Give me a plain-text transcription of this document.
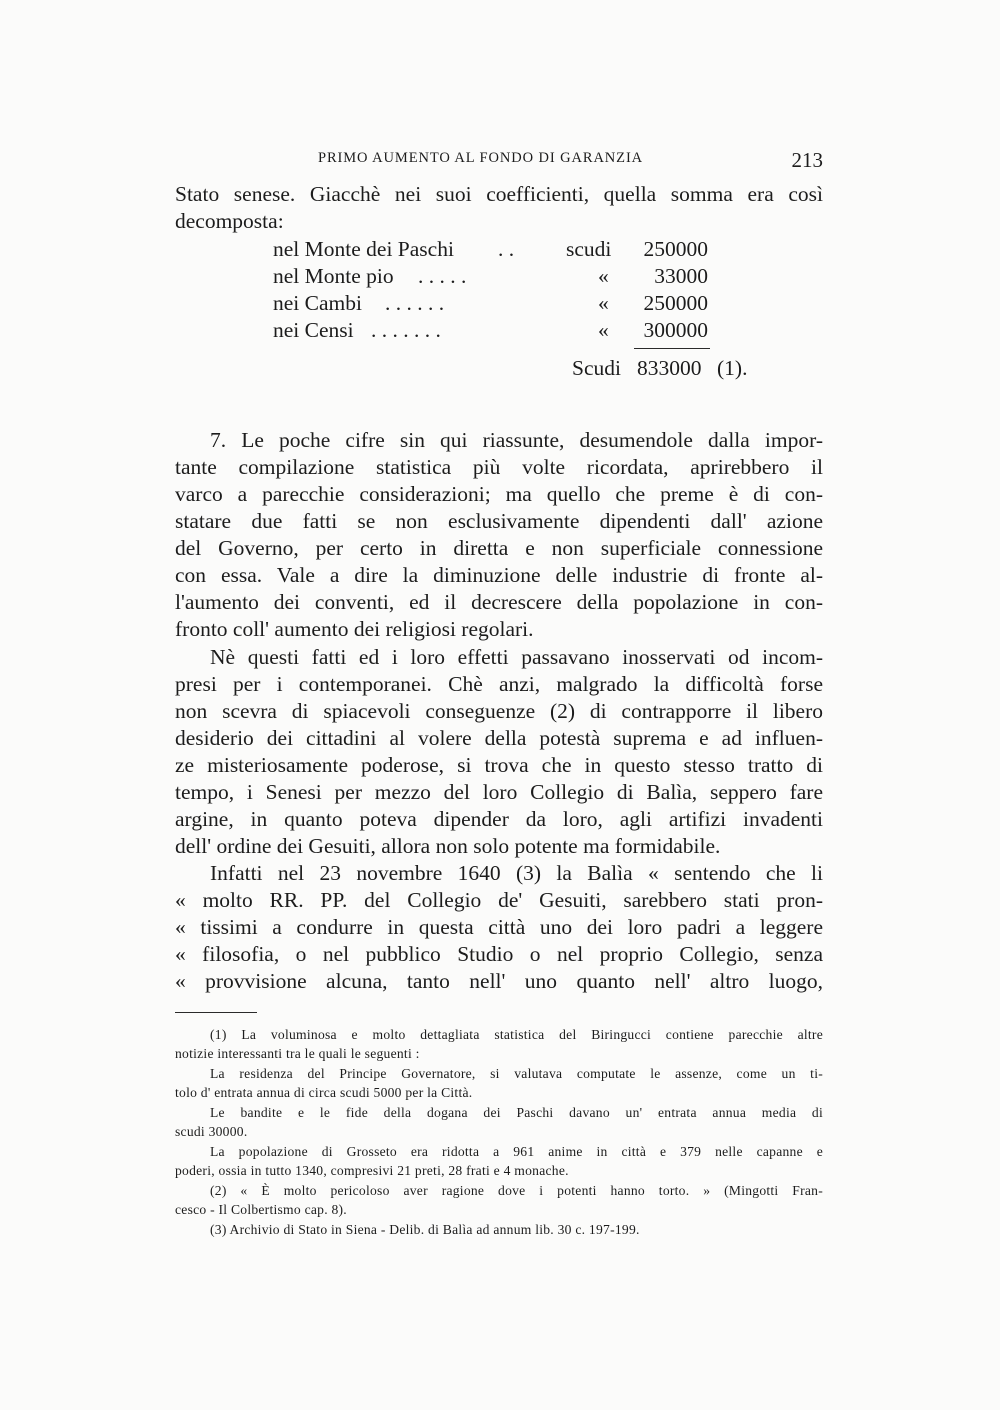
PRIMO AUMENTO AL FONDO DI GARANZIA	213
Stato senese. Giacchè nei suoi coefficienti, quella somma era così
decomposta:
nel Monte dei Paschi . . scudi 250000
nel Monte pio . . . . .	« 33000
nei Cambi . . . . . .	« 250000
nei Censi . . . . . . .	« 300000
Scudi 833000 (1).
7. Le poche cifre sin qui riassunte, desumendole dalla impor-
tante compilazione statistica più volte ricordata, aprirebbero il
varco a parecchie considerazioni; ma quello che preme è di con-
statare due fatti se non esclusivamente dipendenti dall' azione
del Governo, per certo in diretta e non superficiale connessione
con essa. Vale a dire la diminuzione delle industrie di fronte al-
l'aumento dei conventi, ed il decrescere della popolazione in con-
fronto coll' aumento dei religiosi regolari.
Nè questi fatti ed i loro effetti passavano inosservati od incom-
presi per i contemporanei. Chè anzi, malgrado la difficoltà forse
non scevra di spiacevoli conseguenze (2) di contrapporre il libero
desiderio dei cittadini al volere della potestà suprema e ad influen-
ze misteriosamente poderose, si trova che in questo stesso tratto di
tempo, i Senesi per mezzo del loro Collegio di Balìa, seppero fare
argine, in quanto poteva dipender da loro, agli artifizi invadenti
dell' ordine dei Gesuiti, allora non solo potente ma formidabile.
Infatti nel 23 novembre 1640 (3) la Balìa « sentendo che li
« molto RR. PP. del Collegio de' Gesuiti, sarebbero stati pron-
« tissimi a condurre in questa città uno dei loro padri a leggere
« filosofia, o nel pubblico Studio o nel proprio Collegio, senza
« provvisione alcuna, tanto nell' uno quanto nell' altro luogo,
(1) La voluminosa e molto dettagliata statistica del Biringucci contiene parecchie altre
notizie interessanti tra le quali le seguenti :
La residenza del Principe Governatore, si valutava computate le assenze, come un ti-
tolo d' entrata annua di circa scudi 5000 per la Città.
Le bandite e le fide della dogana dei Paschi davano un' entrata annua media di
scudi 30000.
La popolazione di Grosseto era ridotta a 961 anime in città e 379 nelle capanne e
poderi, ossia in tutto 1340, compresivi 21 preti, 28 frati e 4 monache.
(2) « È molto pericoloso aver ragione dove i potenti hanno torto. » (Mingotti Fran-
cesco - Il Colbertismo cap. 8).
(3) Archivio di Stato in Siena - Delib. di Balìa ad annum lib. 30 c. 197-199.
